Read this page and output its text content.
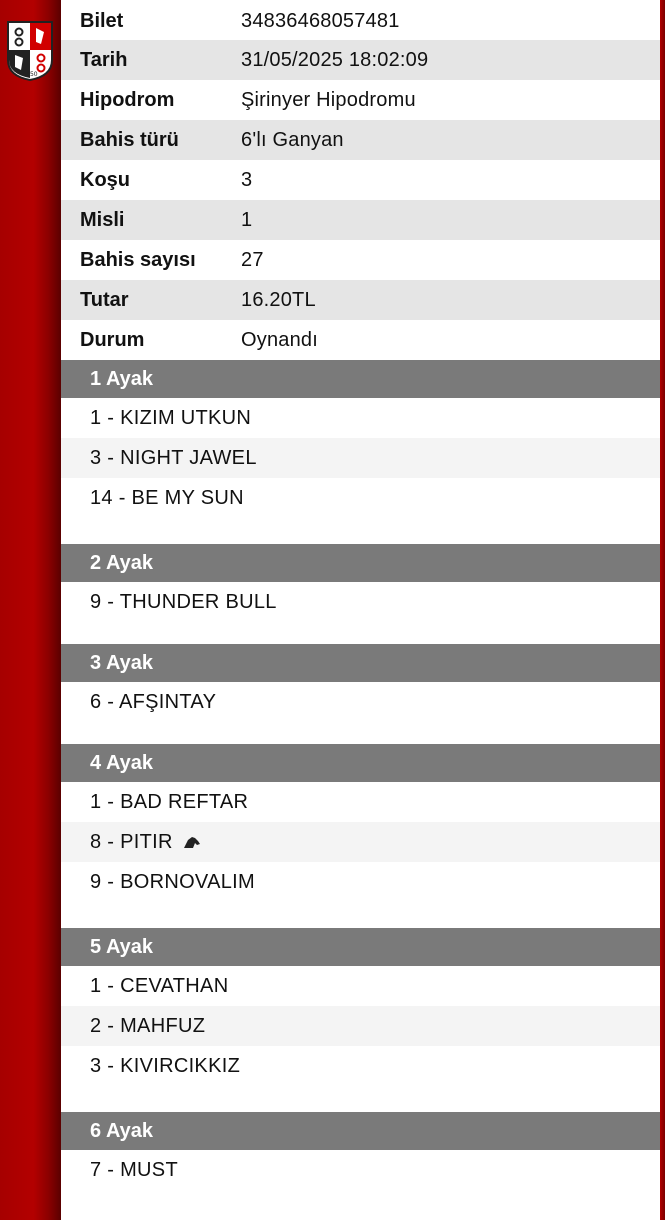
1950
Bilet	34836468057481
Tarih	31/05/2025 18:02:09
Hipodrom	Şirinyer Hipodromu
Bahis türü	6'lı Ganyan
Koşu	3
Misli	1
Bahis sayısı	27
Tutar	16.20TL
Durum	Oynandı
1 Ayak
1 - KIZIM UTKUN
3 - NIGHT JAWEL
14 - BE MY SUN
2 Ayak
9 - THUNDER BULL
3 Ayak
6 - AFŞINTAY
4 Ayak
1 - BAD REFTAR
8 - PITIR
9 - BORNOVALIM
5 Ayak
1 - CEVATHAN
2 - MAHFUZ
3 - KIVIRCIKKIZ
6 Ayak
7 - MUST
